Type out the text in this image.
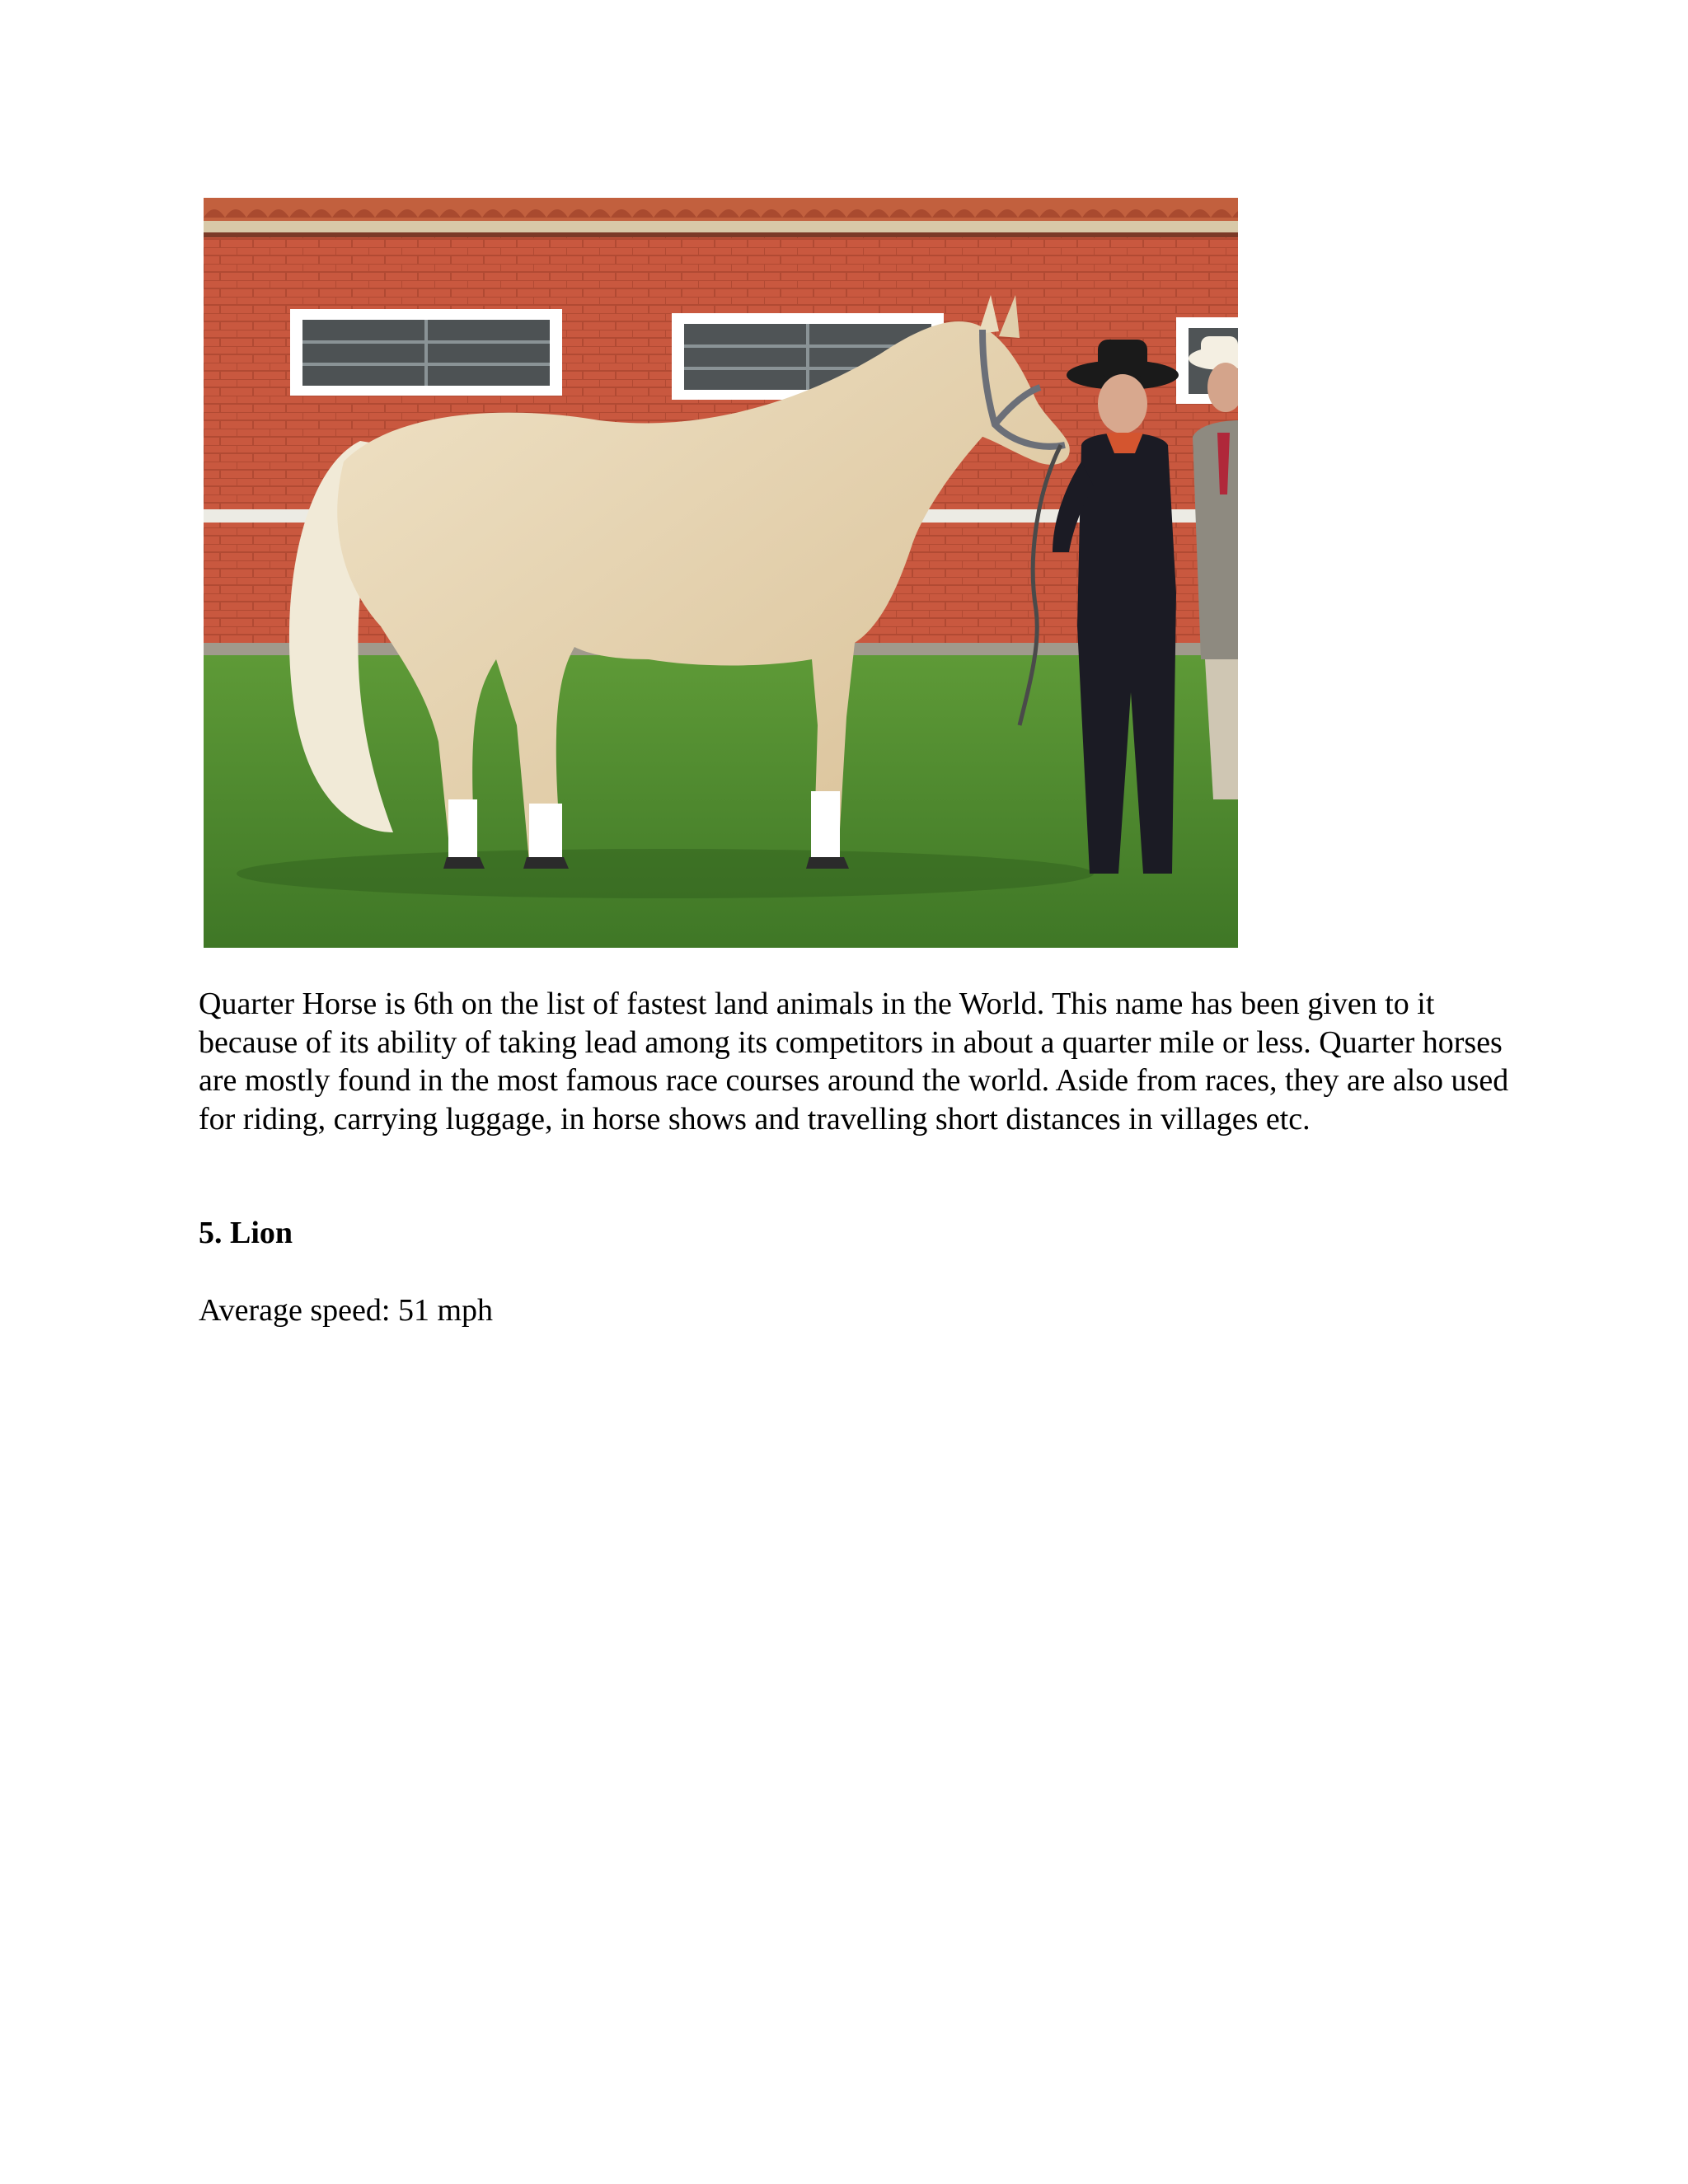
Quarter Horse is 6th on the list of fastest land animals in the World. This name has been given to it because of its ability of taking lead among its competitors in about a quarter mile or less. Quarter horses are mostly found in the most famous race courses around the world. Aside from races, they are also used for riding, carrying luggage, in horse shows and travelling short distances in villages etc.

5. Lion

Average speed: 51 mph
